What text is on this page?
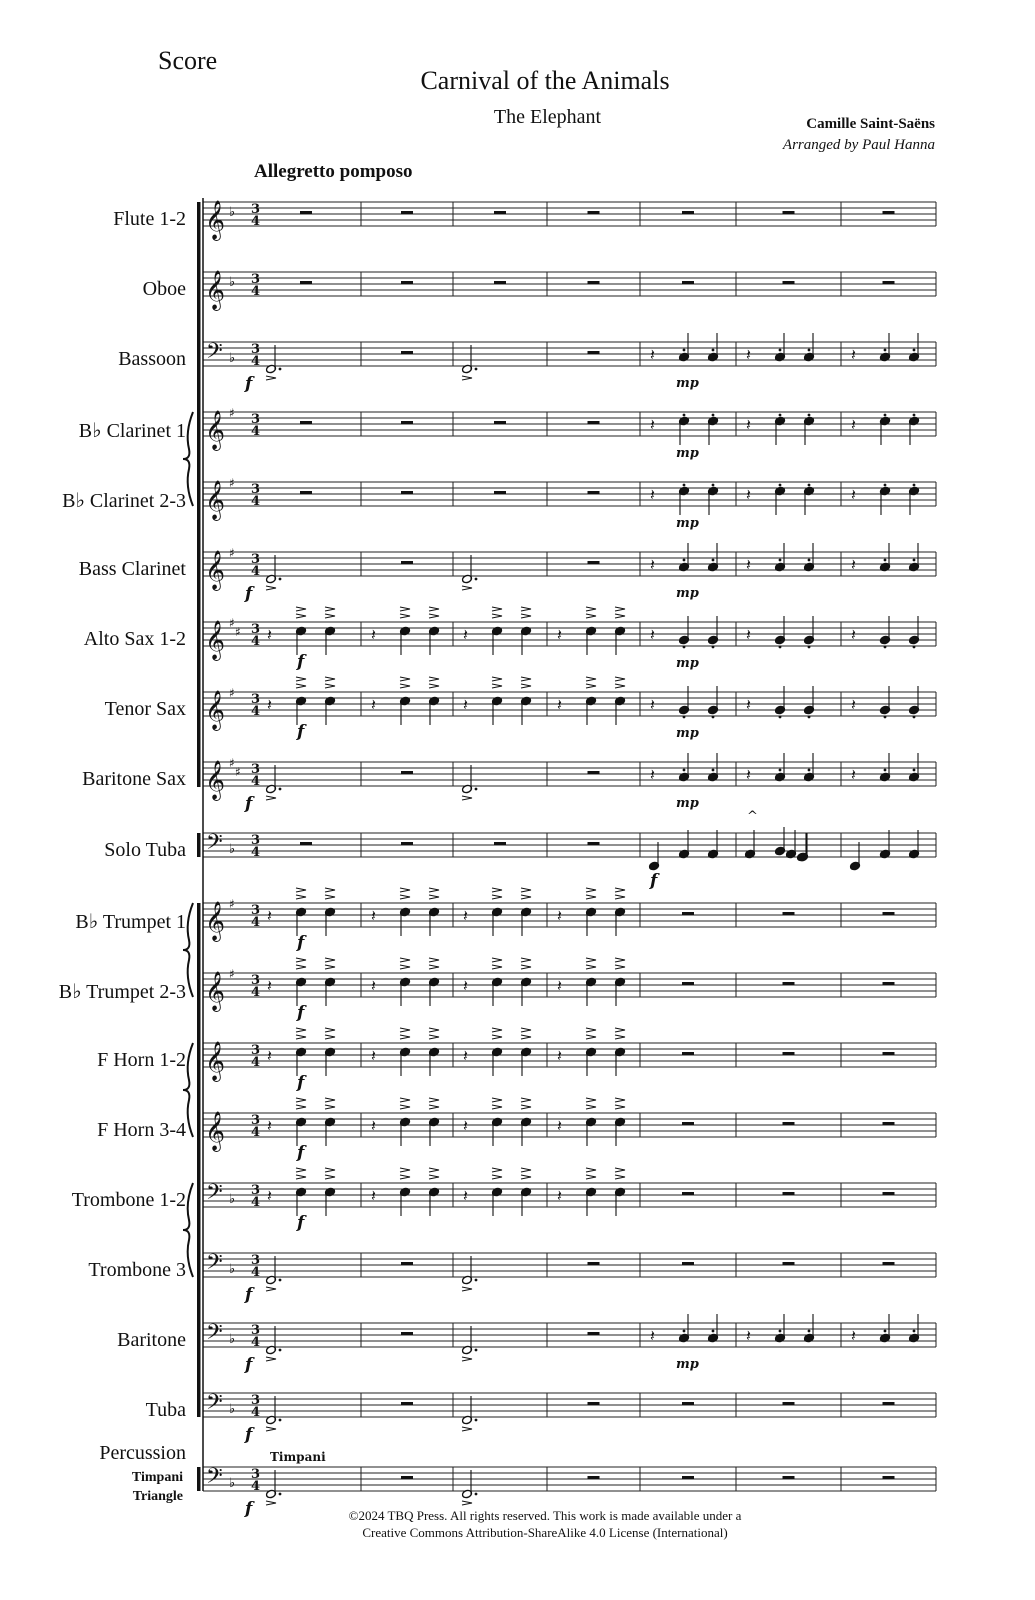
Score
Carnival of the Animals
The Elephant	Camille Saint-Saëns
Arranged by Paul Hanna
Allegretto pomposo
Flute 1-2
Oboe
Bassoon
B♭ Clarinet 1
B♭ Clarinet 2-3
Bass Clarinet
Alto Sax 1-2
Tenor Sax
Baritone Sax
Solo Tuba
B♭ Trumpet 1
B♭ Trumpet 2-3
F Horn 1-2
F Horn 3-4
Trombone 1-2
Trombone 3
Baritone
Tuba
Percussion
Timpani
Triangle
𝄞 ♭ 3
4
𝄞 ♭ 3
4
𝄢 ♭
3
4
f
𝄽
mp
𝄽	𝄽
𝄞 ♯ 3
4	𝄽
mp
𝄽	𝄽
𝄞 ♯ 3
4	𝄽
mp
𝄽	𝄽
𝄞 ♯ 3
4
f
𝄽
mp
𝄽	𝄽
𝄞 ♯
♯ 3
4 𝄽
f
𝄽	𝄽	𝄽	𝄽
mp
𝄽	𝄽
𝄞 ♯ 3
4 𝄽
f
𝄽	𝄽	𝄽	𝄽
mp
𝄽	𝄽
𝄞 ♯
♯ 3
4
f
𝄽
mp
𝄽	𝄽
𝄢 ♭
3
4
f
^
𝄞 ♯ 3
4 𝄽
f
𝄽	𝄽	𝄽
𝄞 ♯ 3
4 𝄽
f
𝄽	𝄽	𝄽
𝄞 3
4 𝄽
f
𝄽	𝄽	𝄽
𝄞 3
4 𝄽
f
𝄽	𝄽	𝄽
𝄢 ♭
3
4 𝄽
f
𝄽	𝄽	𝄽
𝄢 ♭
3
4
f
𝄢 ♭
3
4
f
𝄽
mp
𝄽	𝄽
𝄢 ♭
3
4
f
𝄢 ♭
3
4
f
Timpani
©2024 TBQ Press. All rights reserved. This work is made available under a
Creative Commons Attribution-ShareAlike 4.0 License (International)
